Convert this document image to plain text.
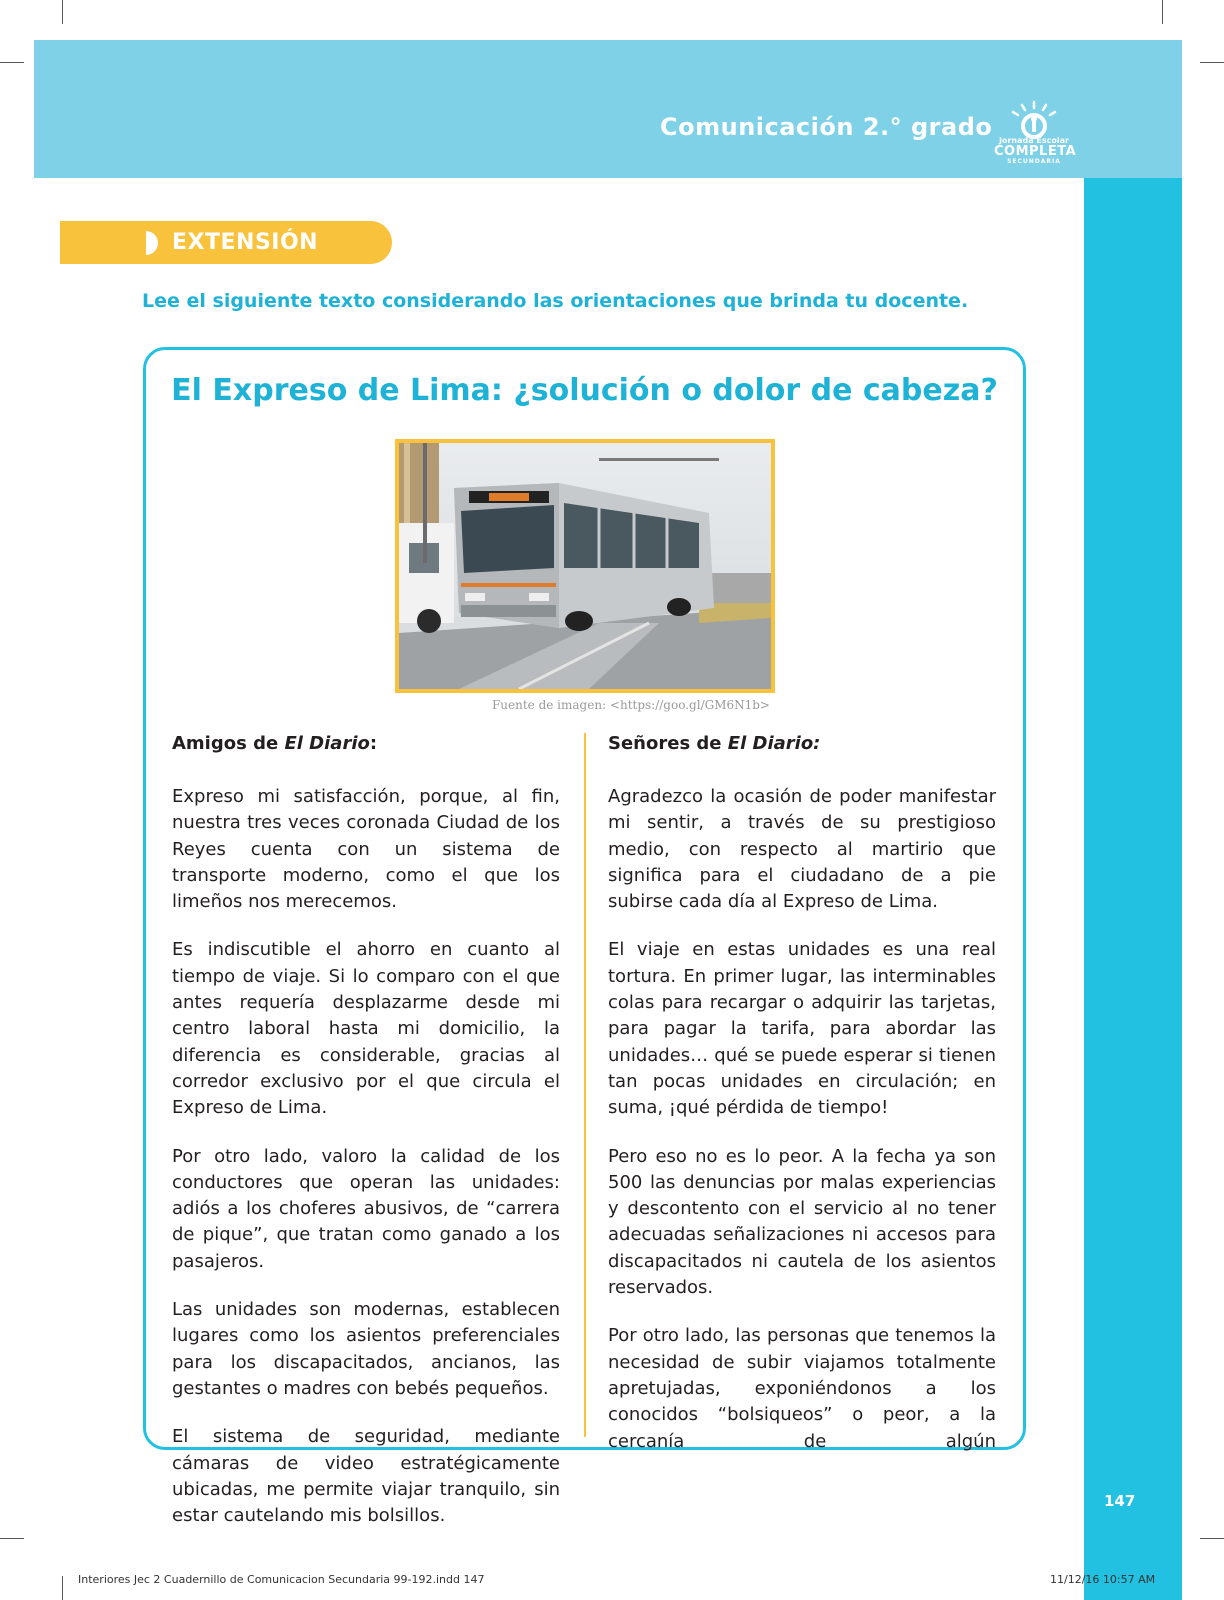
Comunicación 2.° grado Jornada Escolar
COMPLETA
SECUNDARIA
147
EXTENSIÓN
Lee el siguiente texto considerando las orientaciones que brinda tu docente.
El Expreso de Lima: ¿solución o dolor de cabeza?
Fuente de imagen: <https://goo.gl/GM6N1b>
Amigos de El Diario:

Expreso mi satisfacción, porque, al fin, nuestra tres veces coronada Ciudad de los Reyes cuenta con un sistema de transporte moderno, como el que los limeños nos merecemos.

Es indiscutible el ahorro en cuanto al tiempo de viaje. Si lo comparo con el que antes requería desplazarme desde mi centro laboral hasta mi domicilio, la diferencia es considerable, gracias al corredor exclusivo por el que circula el Expreso de Lima.

Por otro lado, valoro la calidad de los conductores que operan las unidades: adiós a los choferes abusivos, de “carrera de pique”, que tratan como ganado a los pasajeros.

Las unidades son modernas, establecen lugares como los asientos preferenciales para los discapacitados, ancianos, las gestantes o madres con bebés pequeños.

El sistema de seguridad, mediante cámaras de video estratégicamente ubicadas, me permite viajar tranquilo, sin estar cautelando mis bolsillos.

Señores de El Diario:

Agradezco la ocasión de poder manifestar mi sentir, a través de su prestigioso medio, con respecto al martirio que significa para el ciudadano de a pie subirse cada día al Expreso de Lima.

El viaje en estas unidades es una real tortura. En primer lugar, las interminables colas para recargar o adquirir las tarjetas, para pagar la tarifa, para abordar las unidades… qué se puede esperar si tienen tan pocas unidades en circulación; en suma, ¡qué pérdida de tiempo!

Pero eso no es lo peor. A la fecha ya son 500 las denuncias por malas experiencias y descontento con el servicio al no tener adecuadas señalizaciones ni accesos para discapacitados ni cautela de los asientos reservados.

Por otro lado, las personas que tenemos la necesidad de subir viajamos totalmente apretujadas, exponiéndonos a los conocidos “bolsiqueos” o peor, a la cercanía de algún

Interiores Jec 2 Cuadernillo de Comunicacion Secundaria 99-192.indd 147	11/12/16 10:57 AM
